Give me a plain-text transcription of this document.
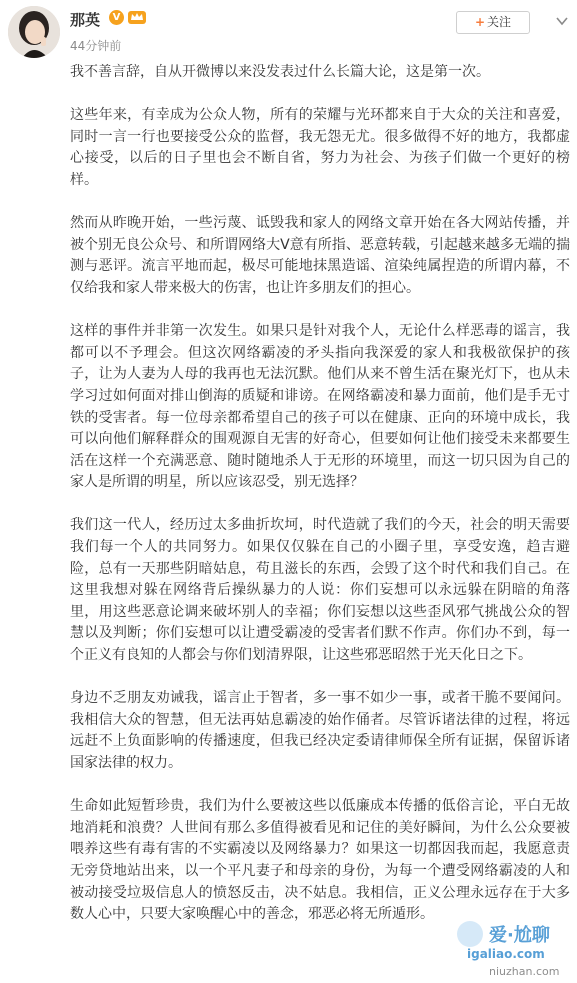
那英	V
44分钟前
+ 关注

我不善言辞，自从开微博以来没发表过什么长篇大论，这是第一次。

这些年来，有幸成为公众人物，所有的荣耀与光环都来自于大众的关注和喜爱，同时一言一行也要接受公众的监督，我无怨无尤。很多做得不好的地方，我都虚心接受，以后的日子里也会不断自省，努力为社会、为孩子们做一个更好的榜样。

然而从昨晚开始，一些污蔑、诋毁我和家人的网络文章开始在各大网站传播，并被个别无良公众号、和所谓网络大V意有所指、恶意转载，引起越来越多无端的揣测与恶评。流言平地而起，极尽可能地抹黑造谣、渲染纯属捏造的所谓内幕，不仅给我和家人带来极大的伤害，也让许多朋友们的担心。

这样的事件并非第一次发生。如果只是针对我个人，无论什么样恶毒的谣言，我都可以不予理会。但这次网络霸凌的矛头指向我深爱的家人和我极欲保护的孩子，让为人妻为人母的我再也无法沉默。他们从来不曾生活在聚光灯下，也从未学习过如何面对排山倒海的质疑和诽谤。在网络霸凌和暴力面前，他们是手无寸铁的受害者。每一位母亲都希望自己的孩子可以在健康、正向的环境中成长，我可以向他们解释群众的围观源自无害的好奇心，但要如何让他们接受未来都要生活在这样一个充满恶意、随时随地杀人于无形的环境里，而这一切只因为自己的家人是所谓的明星，所以应该忍受，别无选择？

我们这一代人，经历过太多曲折坎坷，时代造就了我们的今天，社会的明天需要我们每一个人的共同努力。如果仅仅躲在自己的小圈子里，享受安逸，趋吉避险，总有一天那些阴暗姑息，苟且滋长的东西，会毁了这个时代和我们自己。在这里我想对躲在网络背后操纵暴力的人说：你们妄想可以永远躲在阴暗的角落里，用这些恶意论调来破坏别人的幸福；你们妄想以这些歪风邪气挑战公众的智慧以及判断；你们妄想可以让遭受霸凌的受害者们默不作声。你们办不到，每一个正义有良知的人都会与你们划清界限，让这些邪恶昭然于光天化日之下。

身边不乏朋友劝诫我，谣言止于智者，多一事不如少一事，或者干脆不要闻问。我相信大众的智慧，但无法再姑息霸凌的始作俑者。尽管诉诸法律的过程，将远远赶不上负面影响的传播速度，但我已经决定委请律师保全所有证据，保留诉诸国家法律的权力。

生命如此短暂珍贵，我们为什么要被这些以低廉成本传播的低俗言论，平白无故地消耗和浪费？人世间有那么多值得被看见和记住的美好瞬间，为什么公众要被喂养这些有毒有害的不实霸凌以及网络暴力？如果这一切都因我而起，我愿意责无旁贷地站出来，以一个平凡妻子和母亲的身份，为每一个遭受网络霸凌的人和被动接受垃圾信息人的愤怒反击，决不姑息。我相信，正义公理永远存在于大多数人心中，只要大家唤醒心中的善念，邪恶必将无所遁形。

爱·尬聊
igaliao.com
niuzhan.com
